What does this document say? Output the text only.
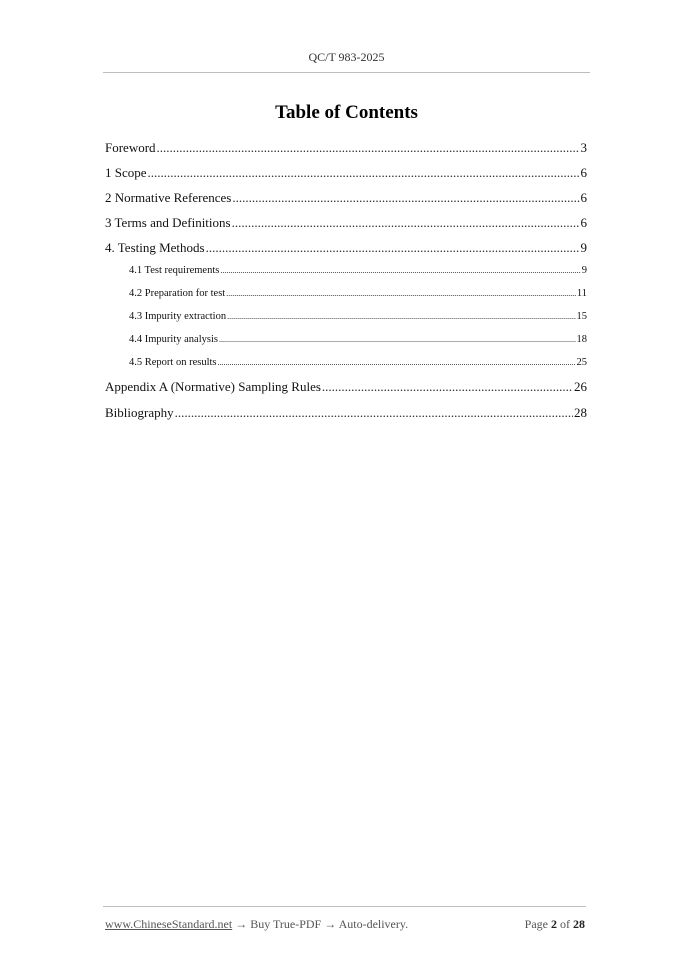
QC/T 983-2025
Table of Contents
Foreword .....	3
1 Scope .....	6
2 Normative References .....	6
3 Terms and Definitions .....	6
4. Testing Methods .....	9
4.1 Test requirements .....	9
4.2 Preparation for test .....	11
4.3 Impurity extraction .....	15
4.4 Impurity analysis .....	18
4.5 Report on results .....	25
Appendix A (Normative) Sampling Rules .....	26
Bibliography .....	28
www.ChineseStandard.net → Buy True-PDF → Auto-delivery.	Page 2 of 28
